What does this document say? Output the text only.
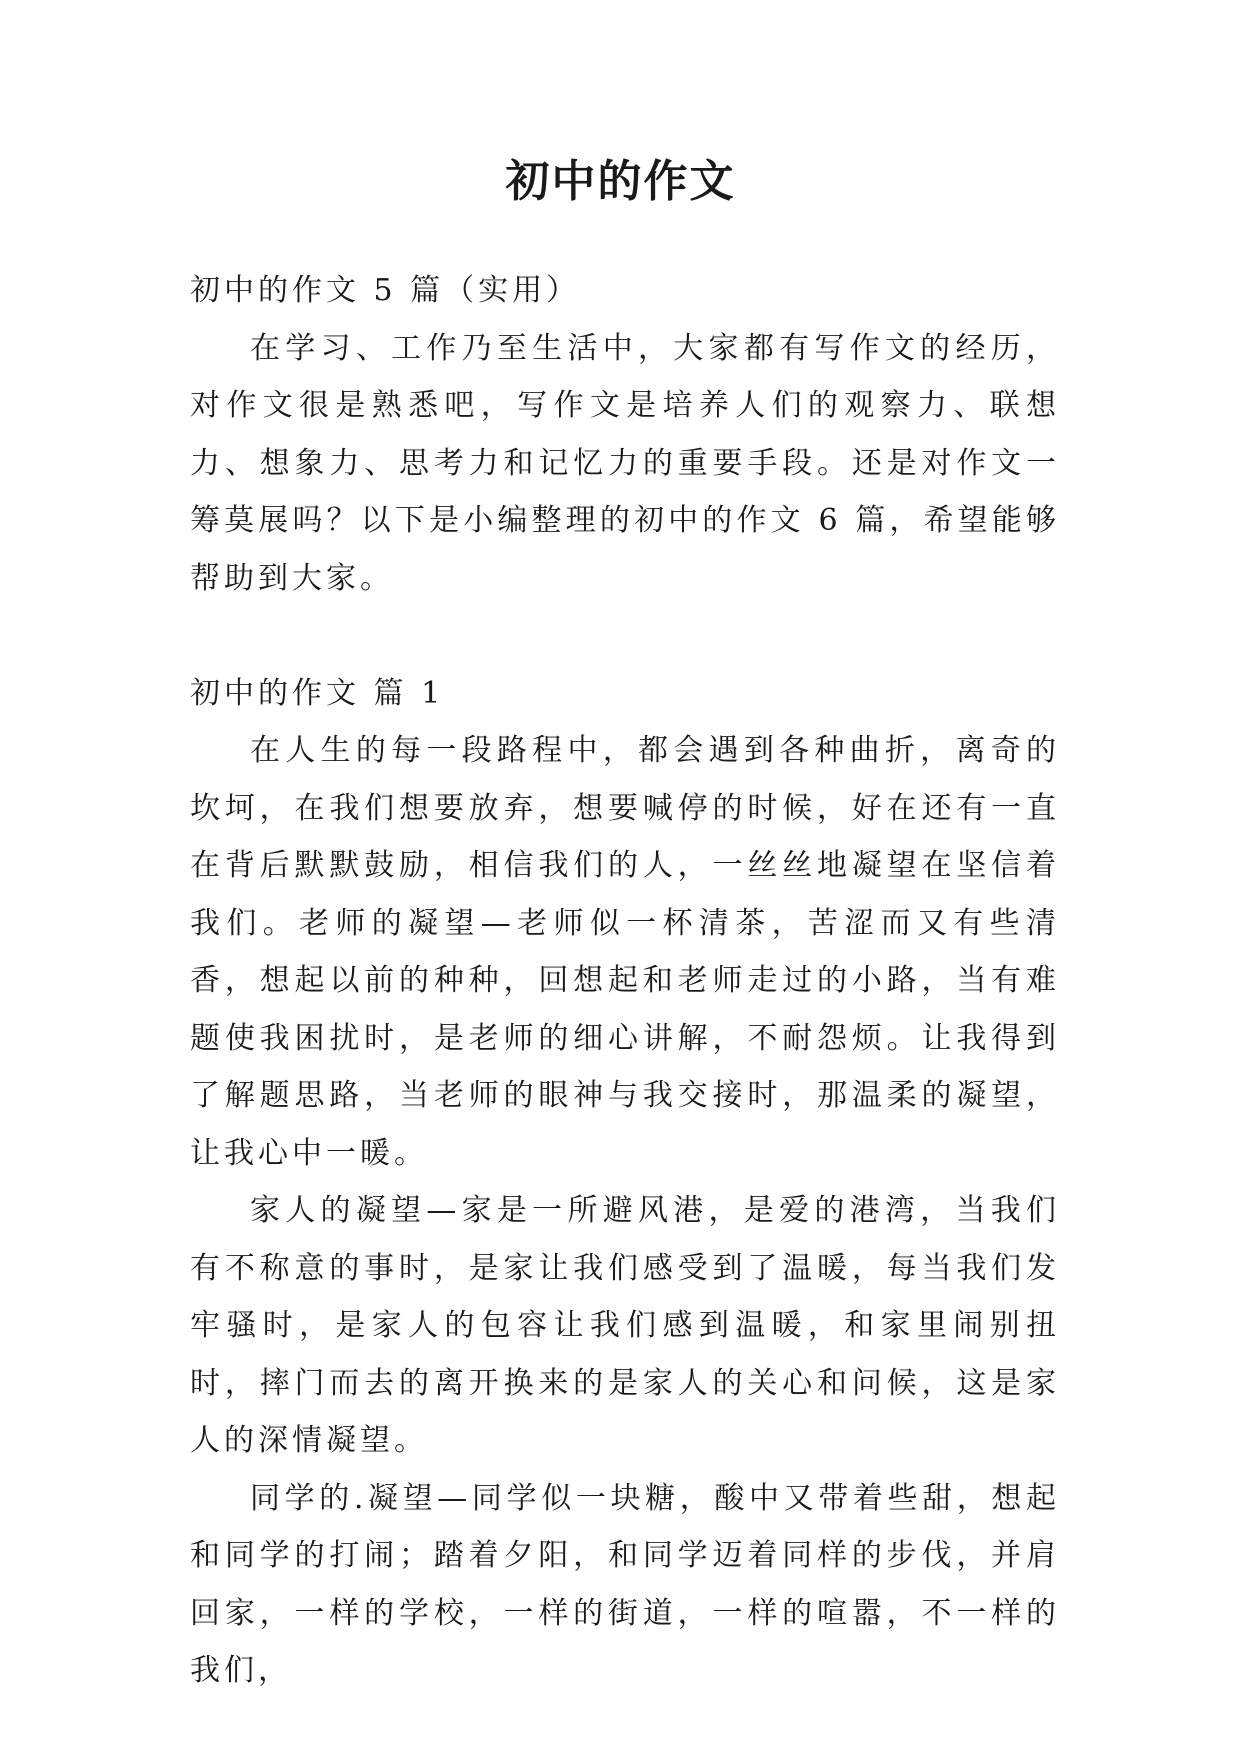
初中的作文

初中的作文 5 篇（实用）

在学习、工作乃至生活中，大家都有写作文的经历，对作文很是熟悉吧，写作文是培养人们的观察力、联想力、想象力、思考力和记忆力的重要手段。还是对作文一筹莫展吗？以下是小编整理的初中的作文 6 篇，希望能够帮助到大家。

初中的作文 篇 1

在人生的每一段路程中，都会遇到各种曲折，离奇的坎坷，在我们想要放弃，想要喊停的时候，好在还有一直在背后默默鼓励，相信我们的人，一丝丝地凝望在坚信着我们。老师的凝望—老师似一杯清茶，苦涩而又有些清香，想起以前的种种，回想起和老师走过的小路，当有难题使我困扰时，是老师的细心讲解，不耐怨烦。让我得到了解题思路，当老师的眼神与我交接时，那温柔的凝望，让我心中一暖。

家人的凝望—家是一所避风港，是爱的港湾，当我们有不称意的事时，是家让我们感受到了温暖，每当我们发牢骚时，是家人的包容让我们感到温暖，和家里闹别扭时，摔门而去的离开换来的是家人的关心和问候，这是家人的深情凝望。

同学的.凝望—同学似一块糖，酸中又带着些甜，想起和同学的打闹；踏着夕阳，和同学迈着同样的步伐，并肩回家，一样的学校，一样的街道，一样的喧嚣，不一样的我们，
